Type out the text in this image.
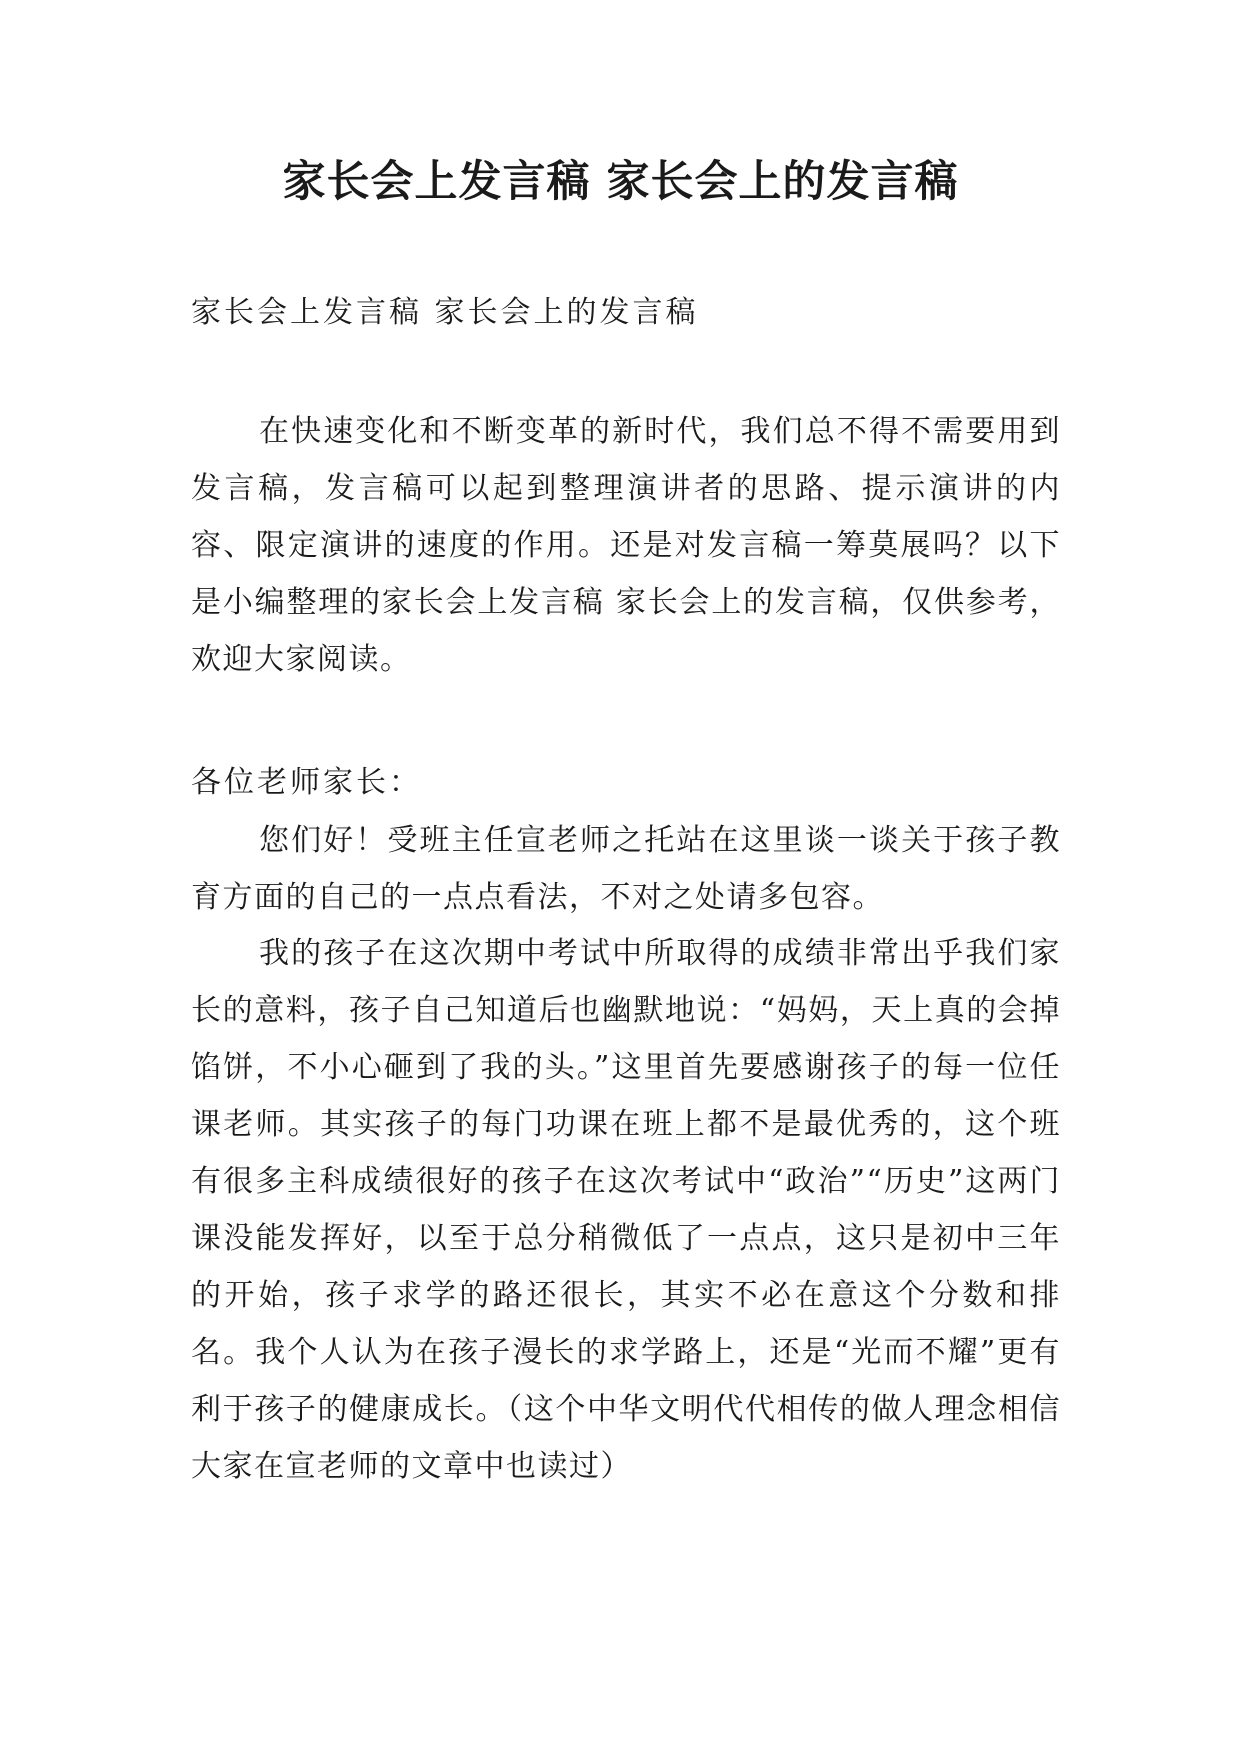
家长会上发言稿 家长会上的发言稿
家长会上发言稿 家长会上的发言稿
在快速变化和不断变革的新时代，我们总不得不需要用到发言稿，发言稿可以起到整理演讲者的思路、提示演讲的内容、限定演讲的速度的作用。还是对发言稿一筹莫展吗？以下是小编整理的家长会上发言稿 家长会上的发言稿，仅供参考，欢迎大家阅读。
各位老师家长：
您们好！受班主任宣老师之托站在这里谈一谈关于孩子教育方面的自己的一点点看法，不对之处请多包容。
我的孩子在这次期中考试中所取得的成绩非常出乎我们家长的意料，孩子自己知道后也幽默地说：“妈妈，天上真的会掉馅饼，不小心砸到了我的头。”这里首先要感谢孩子的每一位任课老师。其实孩子的每门功课在班上都不是最优秀的，这个班有很多主科成绩很好的孩子在这次考试中“政治”“历史”这两门课没能发挥好，以至于总分稍微低了一点点，这只是初中三年的开始，孩子求学的路还很长，其实不必在意这个分数和排名。我个人认为在孩子漫长的求学路上，还是“光而不耀”更有利于孩子的健康成长。（这个中华文明代代相传的做人理念相信大家在宣老师的文章中也读过）
